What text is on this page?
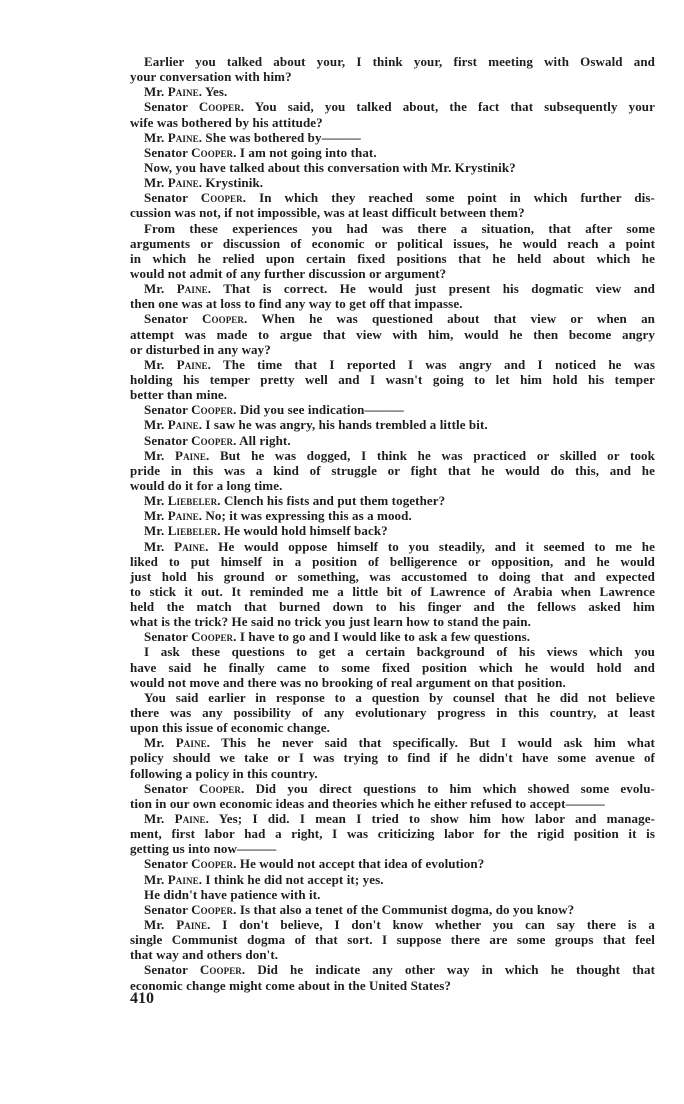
Earlier you talked about your, I think your, first meeting with Oswald and
your conversation with him?
Mr. Paine. Yes.
Senator Cooper. You said, you talked about, the fact that subsequently your
wife was bothered by his attitude?
Mr. Paine. She was bothered by———
Senator Cooper. I am not going into that.
Now, you have talked about this conversation with Mr. Krystinik?
Mr. Paine. Krystinik.
Senator Cooper. In which they reached some point in which further dis-
cussion was not, if not impossible, was at least difficult between them?
From these experiences you had was there a situation, that after some
arguments or discussion of economic or political issues, he would reach a point
in which he relied upon certain fixed positions that he held about which he
would not admit of any further discussion or argument?
Mr. Paine. That is correct. He would just present his dogmatic view and
then one was at loss to find any way to get off that impasse.
Senator Cooper. When he was questioned about that view or when an
attempt was made to argue that view with him, would he then become angry
or disturbed in any way?
Mr. Paine. The time that I reported I was angry and I noticed he was
holding his temper pretty well and I wasn't going to let him hold his temper
better than mine.
Senator Cooper. Did you see indication———
Mr. Paine. I saw he was angry, his hands trembled a little bit.
Senator Cooper. All right.
Mr. Paine. But he was dogged, I think he was practiced or skilled or took
pride in this was a kind of struggle or fight that he would do this, and he
would do it for a long time.
Mr. Liebeler. Clench his fists and put them together?
Mr. Paine. No; it was expressing this as a mood.
Mr. Liebeler. He would hold himself back?
Mr. Paine. He would oppose himself to you steadily, and it seemed to me he
liked to put himself in a position of belligerence or opposition, and he would
just hold his ground or something, was accustomed to doing that and expected
to stick it out. It reminded me a little bit of Lawrence of Arabia when Lawrence
held the match that burned down to his finger and the fellows asked him
what is the trick? He said no trick you just learn how to stand the pain.
Senator Cooper. I have to go and I would like to ask a few questions.
I ask these questions to get a certain background of his views which you
have said he finally came to some fixed position which he would hold and
would not move and there was no brooking of real argument on that position.
You said earlier in response to a question by counsel that he did not believe
there was any possibility of any evolutionary progress in this country, at least
upon this issue of economic change.
Mr. Paine. This he never said that specifically. But I would ask him what
policy should we take or I was trying to find if he didn't have some avenue of
following a policy in this country.
Senator Cooper. Did you direct questions to him which showed some evolu-
tion in our own economic ideas and theories which he either refused to accept———
Mr. Paine. Yes; I did. I mean I tried to show him how labor and manage-
ment, first labor had a right, I was criticizing labor for the rigid position it is
getting us into now———
Senator Cooper. He would not accept that idea of evolution?
Mr. Paine. I think he did not accept it; yes.
He didn't have patience with it.
Senator Cooper. Is that also a tenet of the Communist dogma, do you know?
Mr. Paine. I don't believe, I don't know whether you can say there is a
single Communist dogma of that sort. I suppose there are some groups that feel
that way and others don't.
Senator Cooper. Did he indicate any other way in which he thought that
economic change might come about in the United States?
410
